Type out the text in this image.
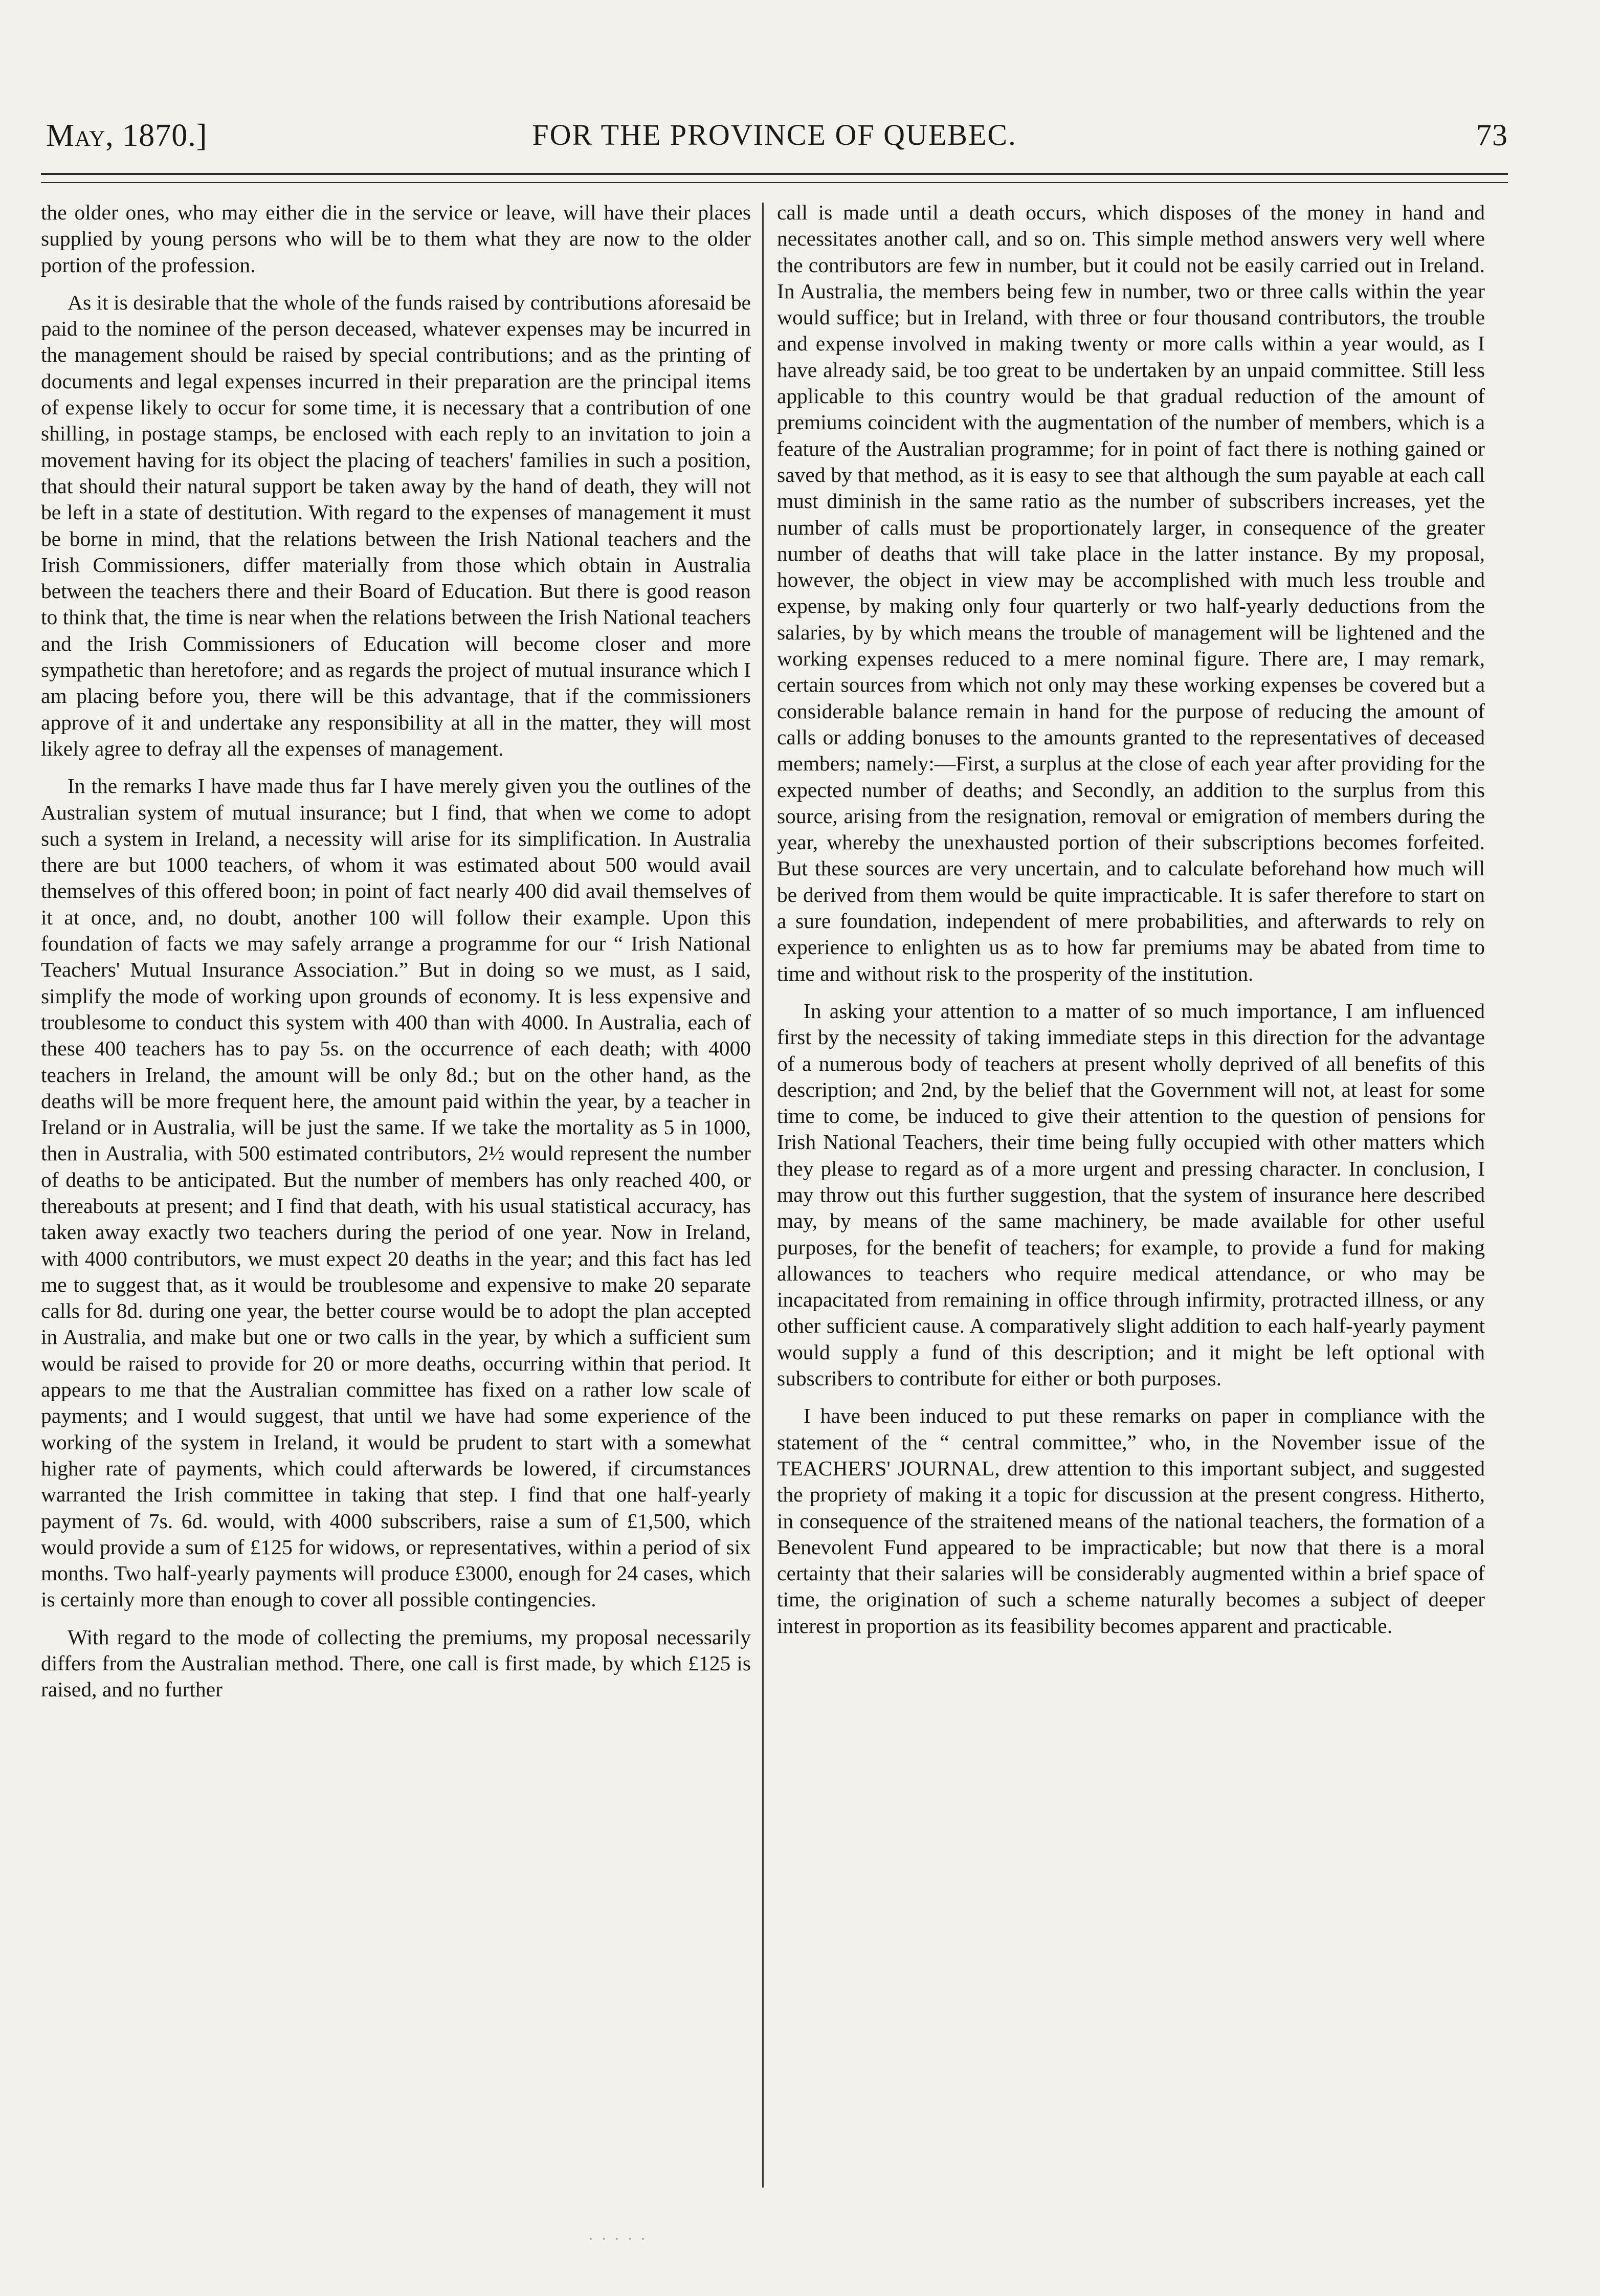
May, 1870.]	FOR THE PROVINCE OF QUEBEC.	73

the older ones, who may either die in the service or leave, will have their places supplied by young persons who will be to them what they are now to the older portion of the profession.

As it is desirable that the whole of the funds raised by contributions aforesaid be paid to the nominee of the person deceased, whatever expenses may be incurred in the management should be raised by special contributions; and as the printing of documents and legal expenses incurred in their preparation are the principal items of expense likely to occur for some time, it is necessary that a contribution of one shilling, in postage stamps, be enclosed with each reply to an invitation to join a movement having for its object the placing of teachers' families in such a position, that should their natural support be taken away by the hand of death, they will not be left in a state of destitution. With regard to the expenses of management it must be borne in mind, that the relations between the Irish National teachers and the Irish Commissioners, differ materially from those which obtain in Australia between the teachers there and their Board of Education. But there is good reason to think that, the time is near when the relations between the Irish National teachers and the Irish Commissioners of Education will become closer and more sympathetic than heretofore; and as regards the project of mutual insurance which I am placing before you, there will be this advantage, that if the commissioners approve of it and undertake any responsibility at all in the matter, they will most likely agree to defray all the expenses of management.

In the remarks I have made thus far I have merely given you the outlines of the Australian system of mutual insurance; but I find, that when we come to adopt such a system in Ireland, a necessity will arise for its simplification. In Australia there are but 1000 teachers, of whom it was estimated about 500 would avail themselves of this offered boon; in point of fact nearly 400 did avail themselves of it at once, and, no doubt, another 100 will follow their example. Upon this foundation of facts we may safely arrange a programme for our “ Irish National Teachers' Mutual Insurance Association.” But in doing so we must, as I said, simplify the mode of working upon grounds of economy. It is less expensive and troublesome to conduct this system with 400 than with 4000. In Australia, each of these 400 teachers has to pay 5s. on the occurrence of each death; with 4000 teachers in Ireland, the amount will be only 8d.; but on the other hand, as the deaths will be more frequent here, the amount paid within the year, by a teacher in Ireland or in Australia, will be just the same. If we take the mortality as 5 in 1000, then in Australia, with 500 estimated contributors, 2½ would represent the number of deaths to be anticipated. But the number of members has only reached 400, or thereabouts at present; and I find that death, with his usual statistical accuracy, has taken away exactly two teachers during the period of one year. Now in Ireland, with 4000 contributors, we must expect 20 deaths in the year; and this fact has led me to suggest that, as it would be troublesome and expensive to make 20 separate calls for 8d. during one year, the better course would be to adopt the plan accepted in Australia, and make but one or two calls in the year, by which a sufficient sum would be raised to provide for 20 or more deaths, occurring within that period. It appears to me that the Australian committee has fixed on a rather low scale of payments; and I would suggest, that until we have had some experience of the working of the system in Ireland, it would be prudent to start with a somewhat higher rate of payments, which could afterwards be lowered, if circumstances warranted the Irish committee in taking that step. I find that one half-yearly payment of 7s. 6d. would, with 4000 subscribers, raise a sum of £1,500, which would provide a sum of £125 for widows, or representatives, within a period of six months. Two half-yearly payments will produce £3000, enough for 24 cases, which is certainly more than enough to cover all possible contingencies.

With regard to the mode of collecting the premiums, my proposal necessarily differs from the Australian method. There, one call is first made, by which £125 is raised, and no further

call is made until a death occurs, which disposes of the money in hand and necessitates another call, and so on. This simple method answers very well where the contributors are few in number, but it could not be easily carried out in Ireland. In Australia, the members being few in number, two or three calls within the year would suffice; but in Ireland, with three or four thousand contributors, the trouble and expense involved in making twenty or more calls within a year would, as I have already said, be too great to be undertaken by an unpaid committee. Still less applicable to this country would be that gradual reduction of the amount of premiums coincident with the augmentation of the number of members, which is a feature of the Australian programme; for in point of fact there is nothing gained or saved by that method, as it is easy to see that although the sum payable at each call must diminish in the same ratio as the number of subscribers increases, yet the number of calls must be proportionately larger, in consequence of the greater number of deaths that will take place in the latter instance. By my proposal, however, the object in view may be accomplished with much less trouble and expense, by making only four quarterly or two half-yearly deductions from the salaries, by by which means the trouble of management will be lightened and the working expenses reduced to a mere nominal figure. There are, I may remark, certain sources from which not only may these working expenses be covered but a considerable balance remain in hand for the purpose of reducing the amount of calls or adding bonuses to the amounts granted to the representatives of deceased members; namely:—First, a surplus at the close of each year after providing for the expected number of deaths; and Secondly, an addition to the surplus from this source, arising from the resignation, removal or emigration of members during the year, whereby the unexhausted portion of their subscriptions becomes forfeited. But these sources are very uncertain, and to calculate beforehand how much will be derived from them would be quite impracticable. It is safer therefore to start on a sure foundation, independent of mere probabilities, and afterwards to rely on experience to enlighten us as to how far premiums may be abated from time to time and without risk to the prosperity of the institution.

In asking your attention to a matter of so much importance, I am influenced first by the necessity of taking immediate steps in this direction for the advantage of a numerous body of teachers at present wholly deprived of all benefits of this description; and 2nd, by the belief that the Government will not, at least for some time to come, be induced to give their attention to the question of pensions for Irish National Teachers, their time being fully occupied with other matters which they please to regard as of a more urgent and pressing character. In conclusion, I may throw out this further suggestion, that the system of insurance here described may, by means of the same machinery, be made available for other useful purposes, for the benefit of teachers; for example, to provide a fund for making allowances to teachers who require medical attendance, or who may be incapacitated from remaining in office through infirmity, protracted illness, or any other sufficient cause. A comparatively slight addition to each half-yearly payment would supply a fund of this description; and it might be left optional with subscribers to contribute for either or both purposes.

I have been induced to put these remarks on paper in compliance with the statement of the “ central committee,” who, in the November issue of the TEACHERS' JOURNAL, drew attention to this important subject, and suggested the propriety of making it a topic for discussion at the present congress. Hitherto, in consequence of the straitened means of the national teachers, the formation of a Benevolent Fund appeared to be impracticable; but now that there is a moral certainty that their salaries will be considerably augmented within a brief space of time, the origination of such a scheme naturally becomes a subject of deeper interest in proportion as its feasibility becomes apparent and practicable.

· · · · ·
